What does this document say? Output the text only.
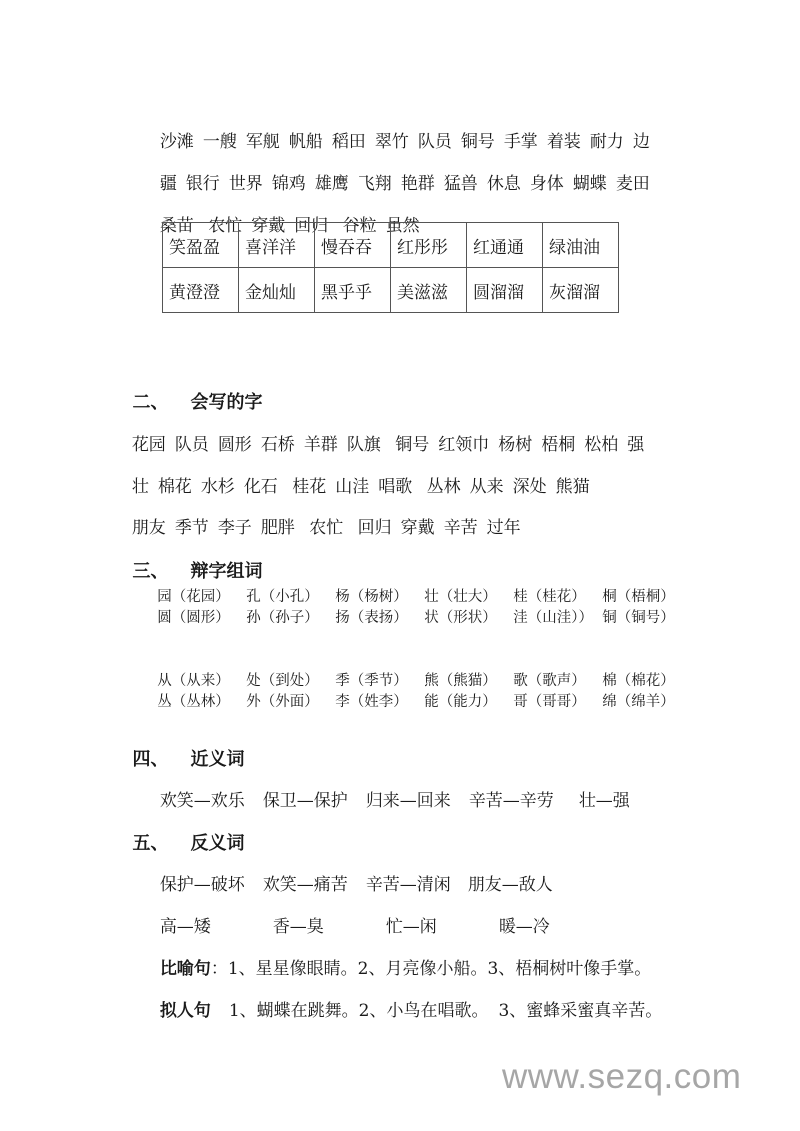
沙滩 一艘 军舰 帆船 稻田 翠竹 队员 铜号 手掌 着装 耐力 边

疆 银行 世界 锦鸡 雄鹰 飞翔 艳群 猛兽 休息 身体 蝴蝶 麦田

桑苗 农忙 穿戴 回归 谷粒 虽然

笑盈盈	喜洋洋	慢吞吞	红彤彤	红通通	绿油油
黄澄澄	金灿灿	黑乎乎	美滋滋	圆溜溜	灰溜溜

二、 会写的字

花园 队员 圆形 石桥 羊群 队旗 铜号 红领巾 杨树 梧桐 松柏 强

壮 棉花 水杉 化石 桂花 山洼 唱歌 丛林 从来 深处 熊猫

朋友 季节 李子 肥胖 农忙 回归 穿戴 辛苦 过年

三、 辩字组词

园（花园） 孔（小孔） 杨（杨树） 壮（壮大） 桂（桂花） 桐（梧桐）

圆（圆形） 孙（孙子） 扬（表扬） 状（形状） 洼（山洼）） 铜（铜号）

从（从来） 处（到处） 季（季节） 熊（熊猫） 歌（歌声） 棉（棉花）

丛（丛林） 外（外面） 李（姓李） 能（能力） 哥（哥哥） 绵（绵羊）

四、 近义词

欢笑—欢乐 保卫—保护 归来—回来 辛苦—辛劳 壮—强

五、 反义词

保护—破坏 欢笑—痛苦 辛苦—清闲 朋友—敌人

高—矮	香—臭	忙—闲	暖—冷

比喻句：1、星星像眼睛。2、月亮像小船。3、梧桐树叶像手掌。

拟人句 1、蝴蝶在跳舞。2、小鸟在唱歌。 3、蜜蜂采蜜真辛苦。

www.sezq.com
